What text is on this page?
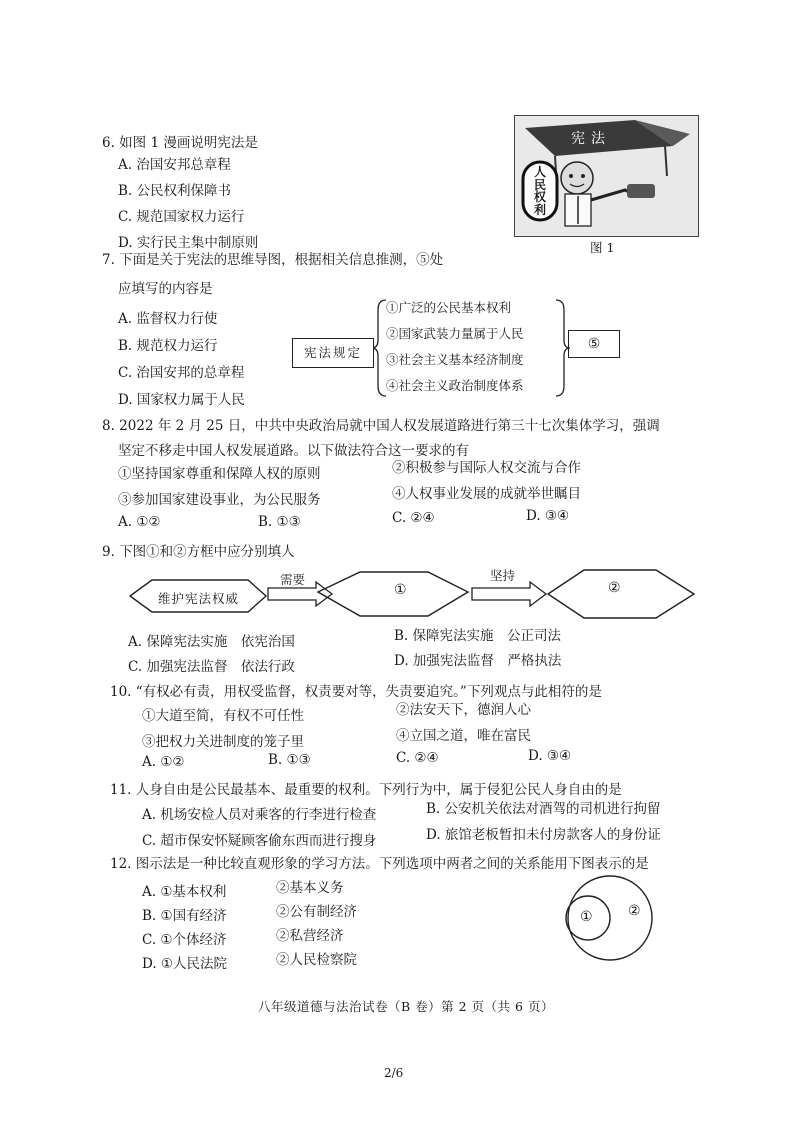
6. 如图 1 漫画说明宪法是
A. 治国安邦总章程
B. 公民权利保障书
C. 规范国家权力运行
D. 实行民主集中制原则
宪法
人民权利
图 1
7. 下面是关于宪法的思维导图，根据相关信息推测，⑤处
应填写的内容是
A. 监督权力行使
B. 规范权力运行
C. 治国安邦的总章程
D. 国家权力属于人民
宪法规定
①广泛的公民基本权利
②国家武装力量属于人民
③社会主义基本经济制度
④社会主义政治制度体系
⑤
8. 2022 年 2 月 25 日，中共中央政治局就中国人权发展道路进行第三十七次集体学习，强调
坚定不移走中国人权发展道路。以下做法符合这一要求的有
①坚持国家尊重和保障人权的原则	②积极参与国际人权交流与合作
③参加国家建设事业，为公民服务	④人权事业发展的成就举世瞩目
A. ①②	B. ①③	C. ②④	D. ③④
9. 下图①和②方框中应分别填人
维护宪法权威
需要
①
坚持
②
A. 保障宪法实施　依宪治国	B. 保障宪法实施　公正司法
C. 加强宪法监督　依法行政	D. 加强宪法监督　严格执法
10. “有权必有责，用权受监督，权责要对等，失责要追究。”下列观点与此相符的是
①大道至简，有权不可任性	②法安天下，德润人心
③把权力关进制度的笼子里	④立国之道，唯在富民
A. ①②	B. ①③	C. ②④	D. ③④
11. 人身自由是公民最基本、最重要的权利。下列行为中，属于侵犯公民人身自由的是
A. 机场安检人员对乘客的行李进行检查	B. 公安机关依法对酒驾的司机进行拘留
C. 超市保安怀疑顾客偷东西而进行搜身	D. 旅馆老板暂扣未付房款客人的身份证
12. 图示法是一种比较直观形象的学习方法。下列选项中两者之间的关系能用下图表示的是
A. ①基本权利	②基本义务
B. ①国有经济	②公有制经济
C. ①个体经济	②私营经济
D. ①人民法院	②人民检察院
①	②
八年级道德与法治试卷（B 卷）第 2 页（共 6 页）
2/6
